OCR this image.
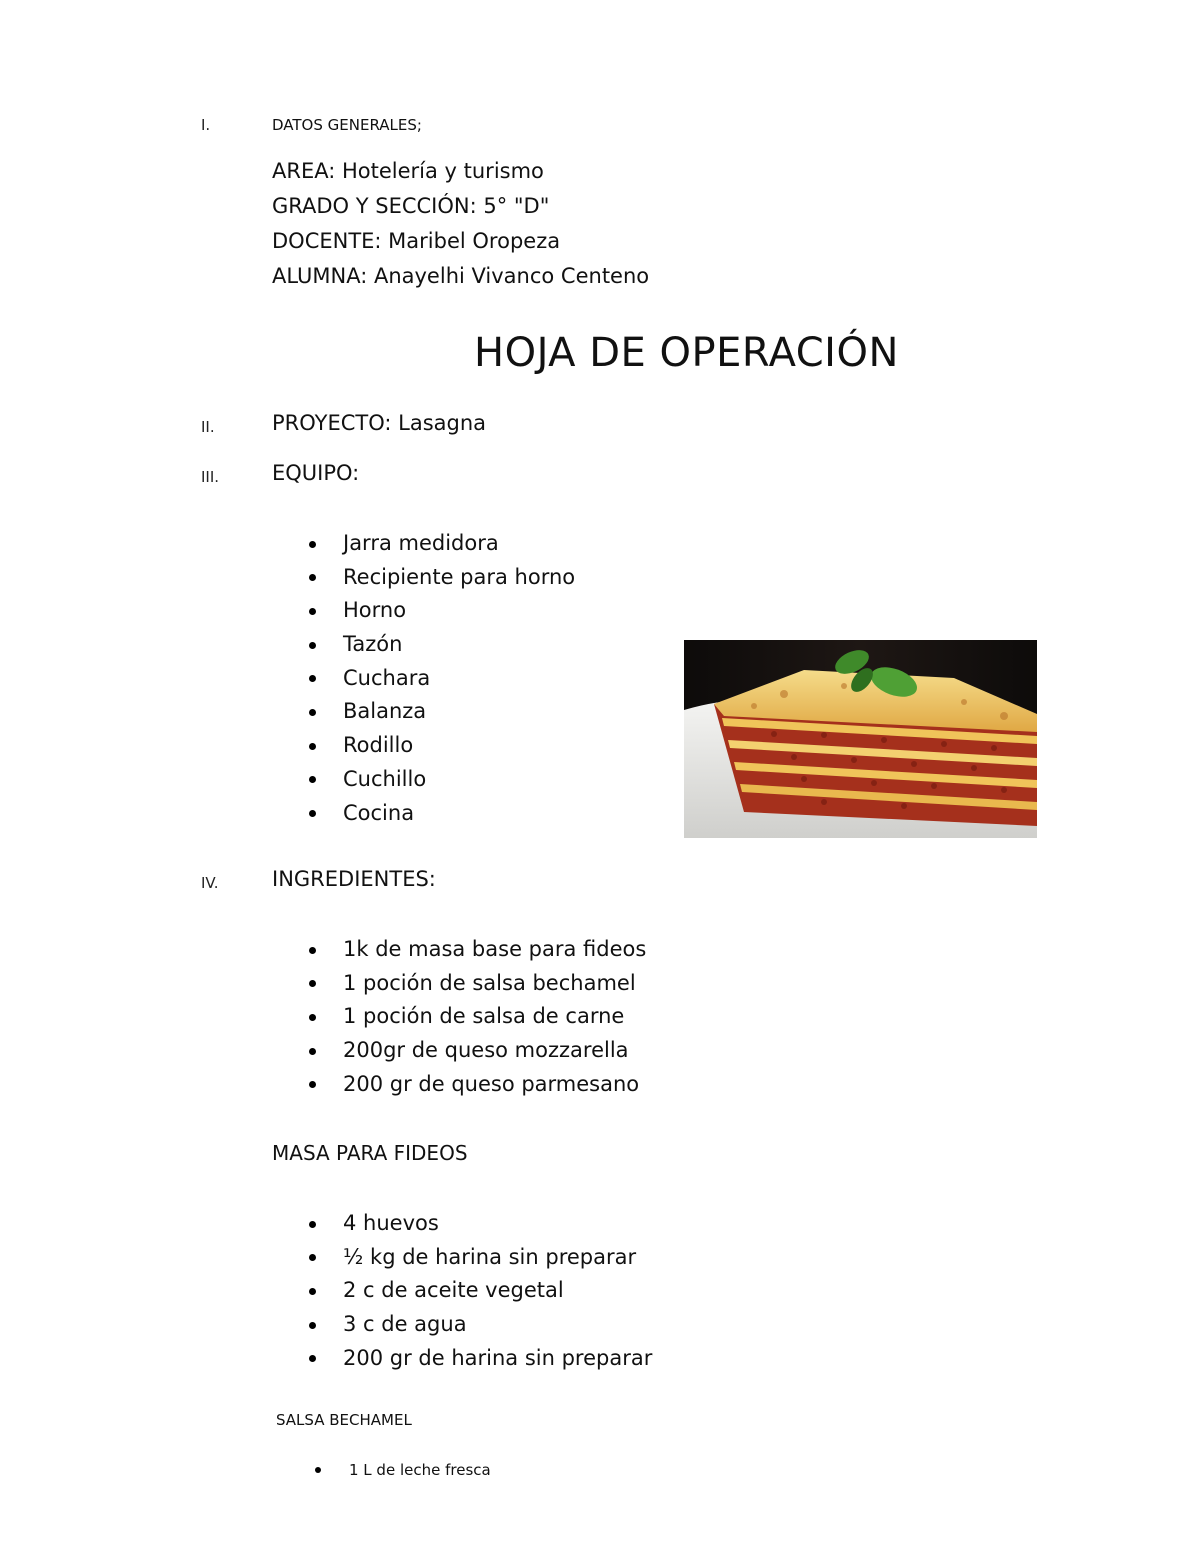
I.	DATOS GENERALES;
AREA: Hotelería y turismo
GRADO Y SECCIÓN: 5° "D"
DOCENTE: Maribel Oropeza
ALUMNA: Anayelhi Vivanco Centeno
HOJA DE OPERACIÓN
II.	PROYECTO: Lasagna
III.	EQUIPO:
Jarra medidora
Recipiente para horno
Horno
Tazón
Cuchara
Balanza
Rodillo
Cuchillo
Cocina
IV.	INGREDIENTES:
1k de masa base para fideos
1 poción de salsa bechamel
1 poción de salsa de carne
200gr de queso mozzarella
200 gr de queso parmesano
MASA PARA FIDEOS
4 huevos
½ kg de harina sin preparar
2 c de aceite vegetal
3 c de agua
200 gr de harina sin preparar
SALSA BECHAMEL
1 L de leche fresca
